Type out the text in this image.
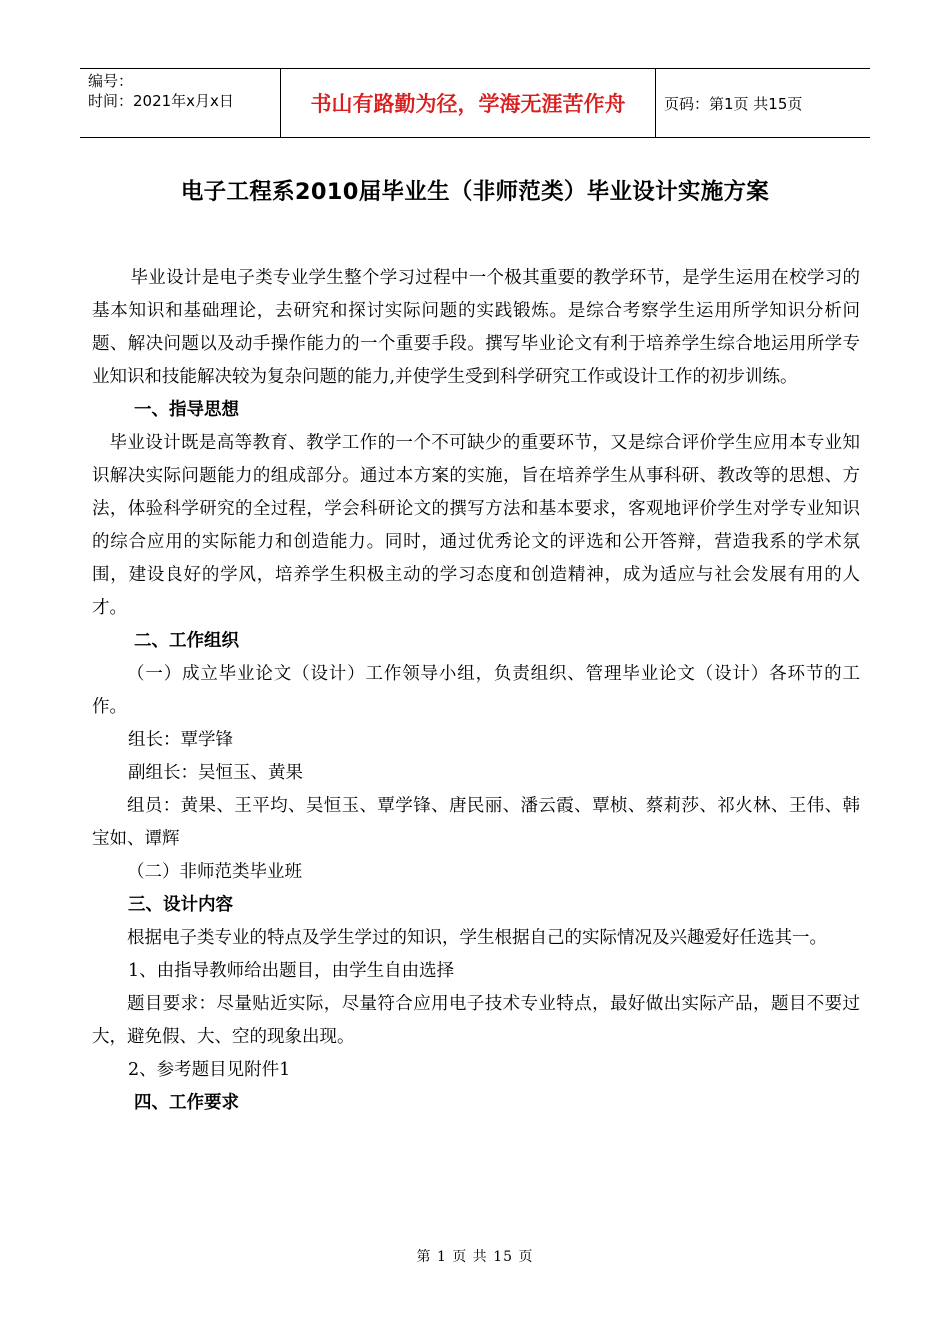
编号：
时间：2021年x月x日	书山有路勤为径，学海无涯苦作舟	页码：第1页 共15页
电子工程系2010届毕业生（非师范类）毕业设计实施方案

毕业设计是电子类专业学生整个学习过程中一个极其重要的教学环节，是学生运用在校学习的基本知识和基础理论，去研究和探讨实际问题的实践锻炼。是综合考察学生运用所学知识分析问题、解决问题以及动手操作能力的一个重要手段。撰写毕业论文有利于培养学生综合地运用所学专业知识和技能解决较为复杂问题的能力,并使学生受到科学研究工作或设计工作的初步训练。

一、指导思想

毕业设计既是高等教育、教学工作的一个不可缺少的重要环节，又是综合评价学生应用本专业知识解决实际问题能力的组成部分。通过本方案的实施，旨在培养学生从事科研、教改等的思想、方法，体验科学研究的全过程，学会科研论文的撰写方法和基本要求，客观地评价学生对学专业知识的综合应用的实际能力和创造能力。同时，通过优秀论文的评选和公开答辩，营造我系的学术氛围，建设良好的学风，培养学生积极主动的学习态度和创造精神，成为适应与社会发展有用的人才。

二、工作组织

（一）成立毕业论文（设计）工作领导小组，负责组织、管理毕业论文（设计）各环节的工作。

组长：覃学锋

副组长：吴恒玉、黄果

组员：黄果、王平均、吴恒玉、覃学锋、唐民丽、潘云霞、覃桢、蔡莉莎、祁火林、王伟、韩宝如、谭辉

（二）非师范类毕业班

三、设计内容

根据电子类专业的特点及学生学过的知识，学生根据自己的实际情况及兴趣爱好任选其一。

1、由指导教师给出题目，由学生自由选择

题目要求：尽量贴近实际，尽量符合应用电子技术专业特点，最好做出实际产品，题目不要过大，避免假、大、空的现象出现。

2、参考题目见附件1

四、工作要求

第 1 页 共 15 页
